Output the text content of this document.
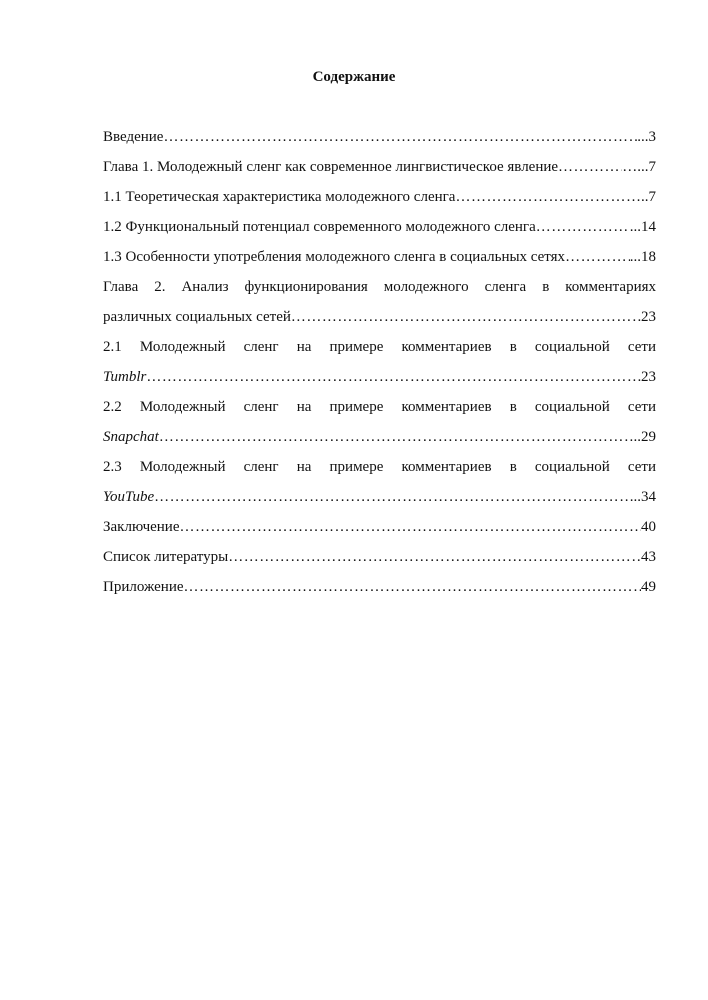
Содержание
Введение ……………………………………………………………………………………………………………………………………………………	...3
Глава 1. Молодежный сленг как современное лингвистическое явление ……………………………………………………………………………………………………………………………………………………	…...7
1.1 Теоретическая характеристика молодежного сленга ……………………………………………………………………………………………………………………………………………………	…..7
1.2 Функциональный потенциал современного молодежного сленга ……………………………………………………………………………………………………………………………………………………	...14
1.3 Особенности употребления молодежного сленга в социальных сетях ……………………………………………………………………………………………………………………………………………………	...18
Глава 2. Анализ функционирования молодежного сленга в комментариях
различных социальных сетей ……………………………………………………………………………………………………………………………………………………	23
2.1 Молодежный сленг на примере комментариев в социальной сети
Tumblr ……………………………………………………………………………………………………………………………………………………	23
2.2 Молодежный сленг на примере комментариев в социальной сети
Snapchat ……………………………………………………………………………………………………………………………………………………	..29
2.3 Молодежный сленг на примере комментариев в социальной сети
YouTube ……………………………………………………………………………………………………………………………………………………	...34
Заключение ……………………………………………………………………………………………………………………………………………………	40
Список литературы ……………………………………………………………………………………………………………………………………………………	43
Приложение ……………………………………………………………………………………………………………………………………………………	49
